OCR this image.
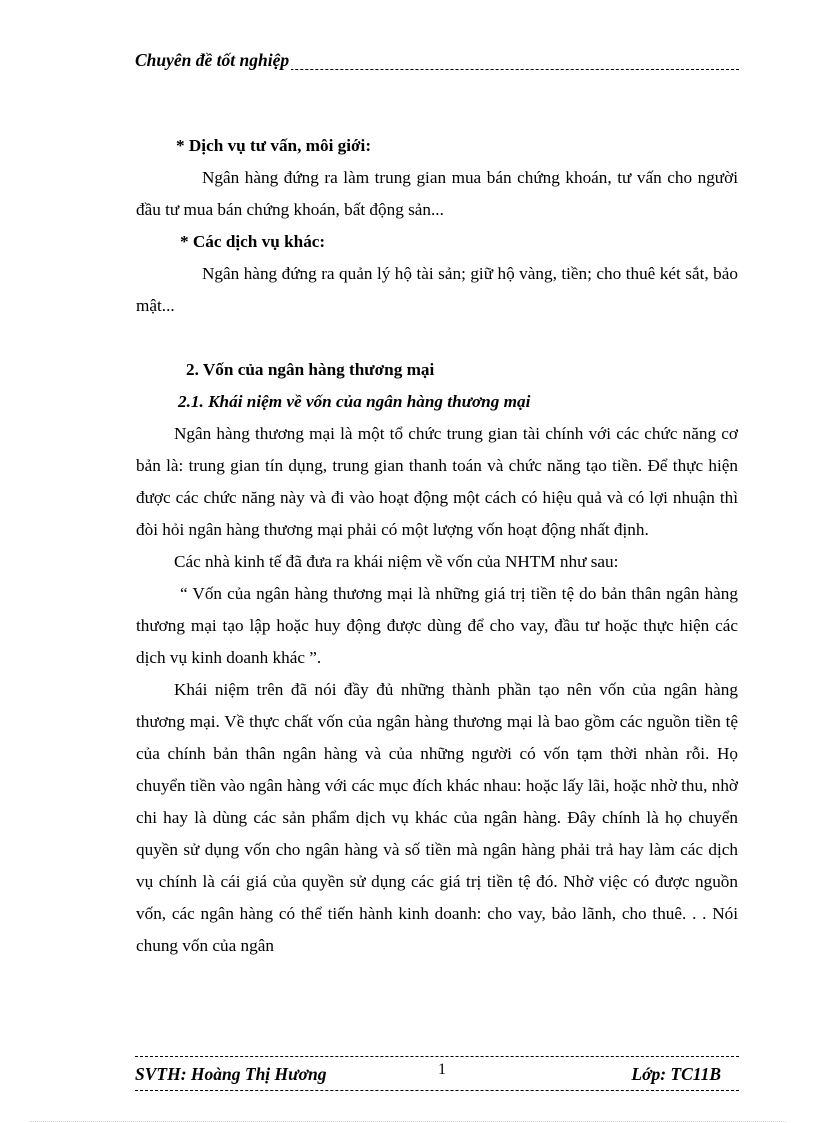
Chuyên đề tốt nghiệp

* Dịch vụ tư vấn, môi giới:

Ngân hàng đứng ra làm trung gian mua bán chứng khoán, tư vấn cho người đầu tư mua bán chứng khoán, bất động sản...

* Các dịch vụ khác:

Ngân hàng đứng ra quản lý hộ tài sản; giữ hộ vàng, tiền; cho thuê két sắt, bảo mật...

2. Vốn của ngân hàng thương mại

2.1. Khái niệm về vốn của ngân hàng thương mại

Ngân hàng thương mại là một tổ chức trung gian tài chính với các chức năng cơ bản là: trung gian tín dụng, trung gian thanh toán và chức năng tạo tiền. Để thực hiện được các chức năng này và đi vào hoạt động một cách có hiệu quả và có lợi nhuận thì đòi hỏi ngân hàng thương mại phải có một lượng vốn hoạt động nhất định.

Các nhà kinh tế đã đưa ra khái niệm về vốn của NHTM như sau:

“ Vốn của ngân hàng thương mại là những giá trị tiền tệ do bản thân ngân hàng thương mại tạo lập hoặc huy động được dùng để cho vay, đầu tư hoặc thực hiện các dịch vụ kinh doanh khác ”.

Khái niệm trên đã nói đầy đủ những thành phần tạo nên vốn của ngân hàng thương mại. Về thực chất vốn của ngân hàng thương mại là bao gồm các nguồn tiền tệ của chính bản thân ngân hàng và của những người có vốn tạm thời nhàn rỗi. Họ chuyển tiền vào ngân hàng với các mục đích khác nhau: hoặc lấy lãi, hoặc nhờ thu, nhờ chi hay là dùng các sản phẩm dịch vụ khác của ngân hàng. Đây chính là họ chuyển quyền sử dụng vốn cho ngân hàng và số tiền mà ngân hàng phải trả hay làm các dịch vụ chính là cái giá của quyền sử dụng các giá trị tiền tệ đó. Nhờ việc có được nguồn vốn, các ngân hàng có thể tiến hành kinh doanh: cho vay, bảo lãnh, cho thuê. . . Nói chung vốn của ngân

SVTH: Hoàng Thị Hương	1	Lớp: TC11B
